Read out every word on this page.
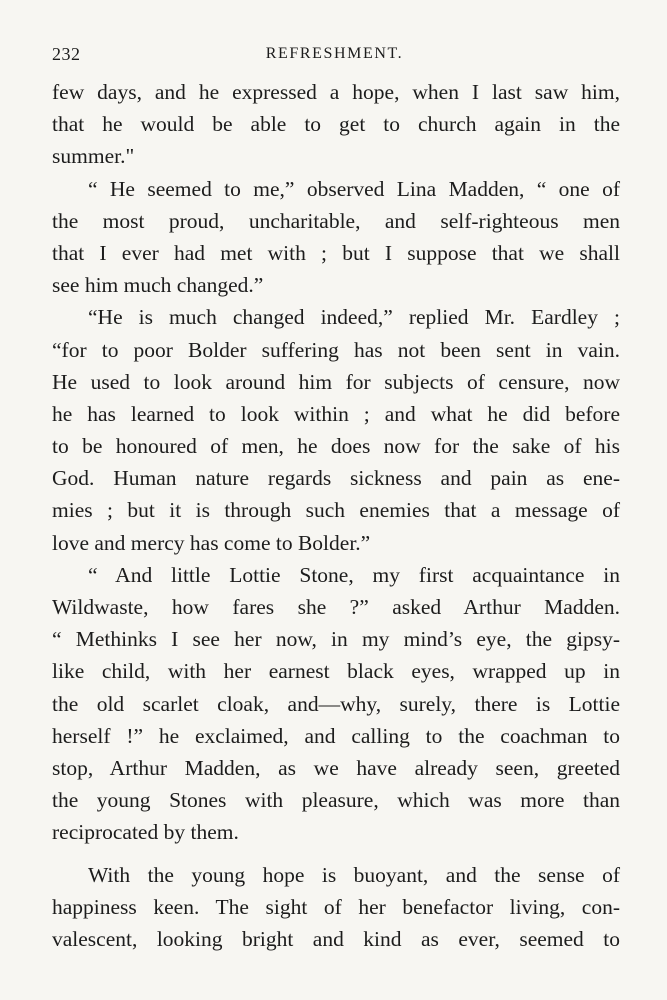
232	REFRESHMENT.
few days, and he expressed a hope, when I last saw him,
that he would be able to get to church again in the
summer."
“ He seemed to me,” observed Lina Madden, “ one of
the most proud, uncharitable, and self-righteous men
that I ever had met with ; but I suppose that we shall
see him much changed.”
“He is much changed indeed,” replied Mr. Eardley ;
“for to poor Bolder suffering has not been sent in vain.
He used to look around him for subjects of censure, now
he has learned to look within ; and what he did before
to be honoured of men, he does now for the sake of his
God. Human nature regards sickness and pain as ene-
mies ; but it is through such enemies that a message of
love and mercy has come to Bolder.”
“ And little Lottie Stone, my first acquaintance in
Wildwaste, how fares she ?” asked Arthur Madden.
“ Methinks I see her now, in my mind’s eye, the gipsy-
like child, with her earnest black eyes, wrapped up in
the old scarlet cloak, and—why, surely, there is Lottie
herself !” he exclaimed, and calling to the coachman to
stop, Arthur Madden, as we have already seen, greeted
the young Stones with pleasure, which was more than
reciprocated by them.
With the young hope is buoyant, and the sense of
happiness keen. The sight of her benefactor living, con-
valescent, looking bright and kind as ever, seemed to
